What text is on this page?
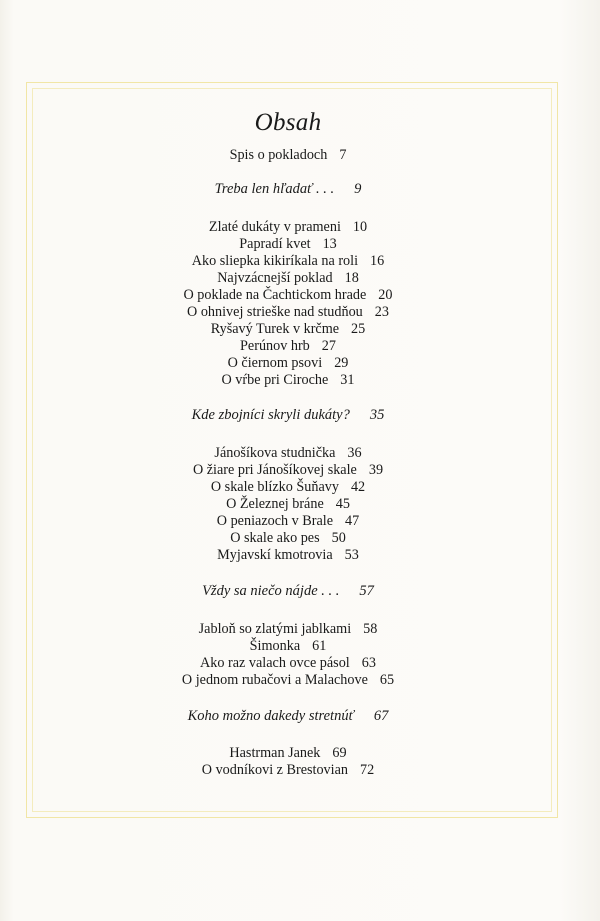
Obsah
Spis o pokladoch 7
Treba len hľadať . . . 9
Zlaté dukáty v prameni 10
Papradí kvet 13
Ako sliepka kikiríkala na roli 16
Najvzácnejší poklad 18
O poklade na Čachtickom hrade 20
O ohnivej strieške nad studňou 23
Ryšavý Turek v krčme 25
Perúnov hrb 27
O čiernom psovi 29
O vŕbe pri Ciroche 31
Kde zbojníci skryli dukáty? 35
Jánošíkova studnička 36
O žiare pri Jánošíkovej skale 39
O skale blízko Šuňavy 42
O Železnej bráne 45
O peniazoch v Brale 47
O skale ako pes 50
Myjavskí kmotrovia 53
Vždy sa niečo nájde . . . 57
Jabloň so zlatými jablkami 58
Šimonka 61
Ako raz valach ovce pásol 63
O jednom rubačovi a Malachove 65
Koho možno dakedy stretnúť 67
Hastrman Janek 69
O vodníkovi z Brestovian 72
